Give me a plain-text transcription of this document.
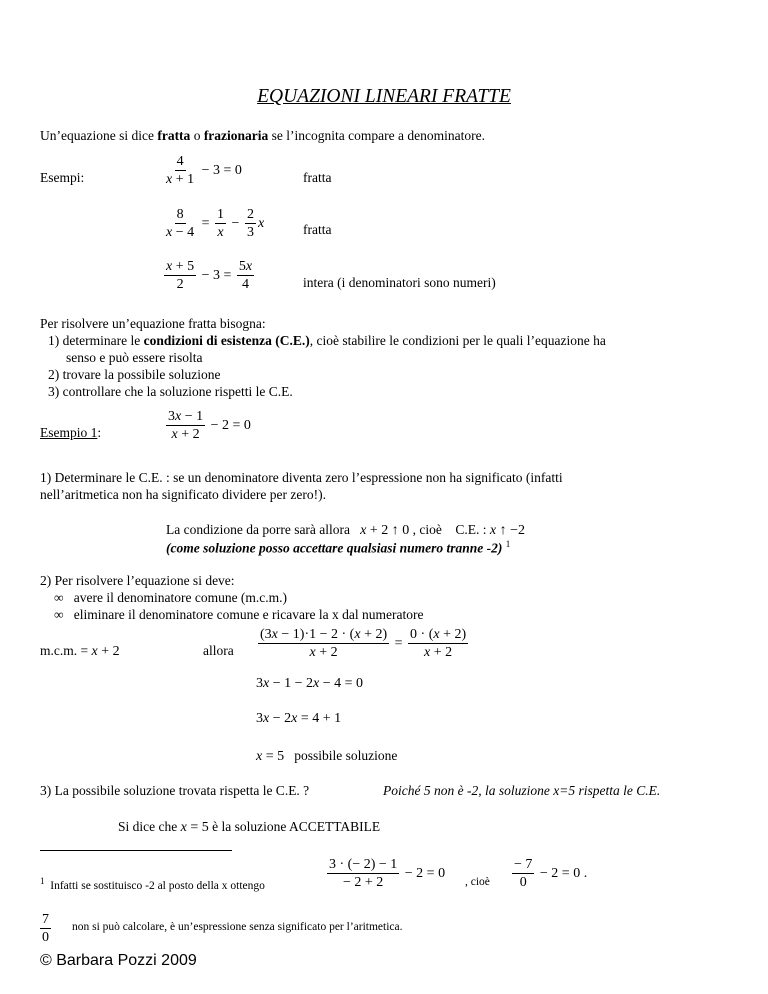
EQUAZIONI LINEARI FRATTE
Un’equazione si dice fratta o frazionaria se l’incognita compare a denominatore.
Esempi:	$\frac{4}{x + 1} - 3 = 0$	fratta
$\frac{8}{x - 4} = \frac{1}{x} - \frac{2}{3}$ x	fratta
$\frac{x + 5}{2} - 3 = \frac{5x}{4}$	intera (i denominatori sono numeri)
Per risolvere un’equazione fratta bisogna:
1) determinare le condizioni di esistenza (C.E.), cioè stabilire le condizioni per le quali l’equazione ha
senso e può essere risolta
2) trovare la possibile soluzione
3) controllare che la soluzione rispetti le C.E.
Esempio 1:	$\frac{3x - 1}{x + 2} - 2 = 0$
1) Determinare le C.E. : se un denominatore diventa zero l’espressione non ha significato (infatti
nell’aritmetica non ha significato dividere per zero!).
La condizione da porre sarà allora x + 2 ↑ 0 , cioè C.E. : x ↑ −2
(come soluzione posso accettare qualsiasi numero tranne -2) $^1$
2) Per risolvere l’equazione si deve:
∞ avere il denominatore comune (m.c.m.)
∞ eliminare il denominatore comune e ricavare la x dal numeratore
m.c.m. = x + 2	allora $\frac{(3x - 1)\cdot 1 - 2 \cdot (x + 2)}{x + 2} = \frac{0 \cdot (x + 2)}{x + 2}$
3x − 1 − 2x − 4 = 0
3x − 2x = 4 + 1
x = 5 possibile soluzione
3) La possibile soluzione trovata rispetta le C.E. ?	Poiché 5 non è -2, la soluzione x=5 rispetta le C.E.
Si dice che x = 5 è la soluzione ACCETTABILE
$^1$ Infatti se sostituisco -2 al posto della x ottengo	$\frac{3 \cdot (- 2) - 1}{- 2 + 2} - 2 = 0$
, cioè $\frac{- 7}{0} - 2 = 0$ .
$\frac{7}{0}$ non si può calcolare, è un’espressione senza significato per l’aritmetica.
© Barbara Pozzi 2009
